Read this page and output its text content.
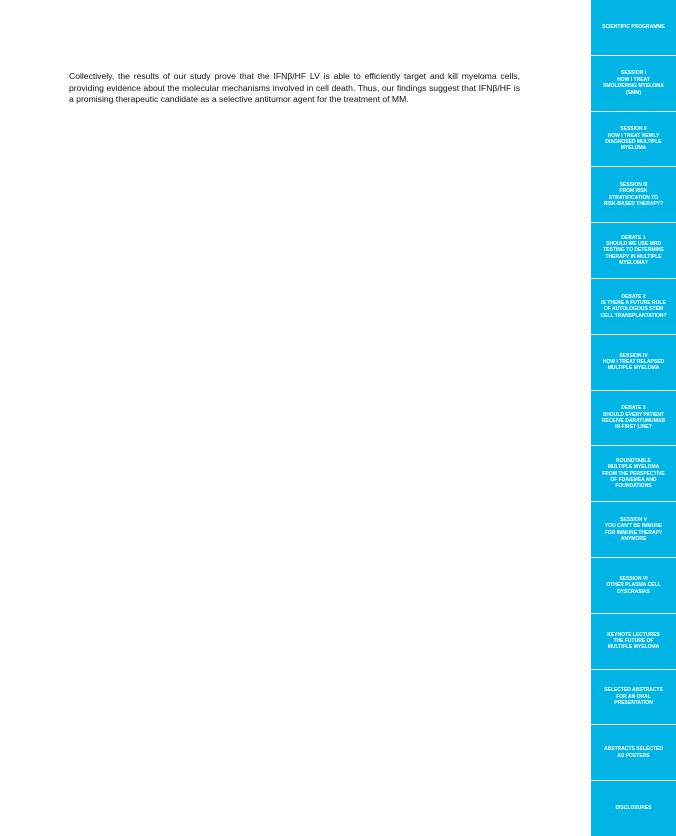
Collectively, the results of our study prove that the IFNβ/HF LV is able to efficiently target and kill myeloma cells, providing evidence about the molecular mechanisms involved in cell death. Thus, our findings suggest that IFNβ/HF is a promising therapeutic candidate as a selective antitumor agent for the treatment of MM.

SCIENTIFIC PROGRAMME
SESSION I
HOW I TREAT
SMOLDERING MYELOMA
(SMM)
SESSION II
HOW I TREAT NEWLY
DIAGNOSED MULTIPLE
MYELOMA
SESSION III
FROM RISK
STRATIFICATION TO
RISK-BASED THERAPY?
DEBATE 1
SHOULD WE USE MRD
TESTING TO DETERMINE
THERAPY IN MULTIPLE
MYELOMA?
DEBATE 2
IS THERE A FUTURE ROLE
OF AUTOLOGOUS STEM
CELL TRANSPLANTATION?
SESSION IV
HOW I TREAT RELAPSED
MULTIPLE MYELOMA
DEBATE 3
SHOULD EVERY PATIENT
RECEIVE DARATUMUMAB
IN FIRST LINE?
ROUNDTABLE
MULTIPLE MYELOMA
FROM THE PERSPECTIVE
OF FDA/EMEA AND
FOUNDATIONS
SESSION V
YOU CAN'T BE IMMUNE
FOR IMMUNE THERAPY
ANYMORE
SESSION VI
OTHER PLASMA CELL
DYSCRASIAS
KEYNOTE LECTURES
THE FUTURE OF
MULTIPLE MYELOMA
SELECTED ABSTRACTS
FOR AN ORAL
PRESENTATION
ABSTRACTS SELECTED
AS POSTERS
DISCLOSURES
